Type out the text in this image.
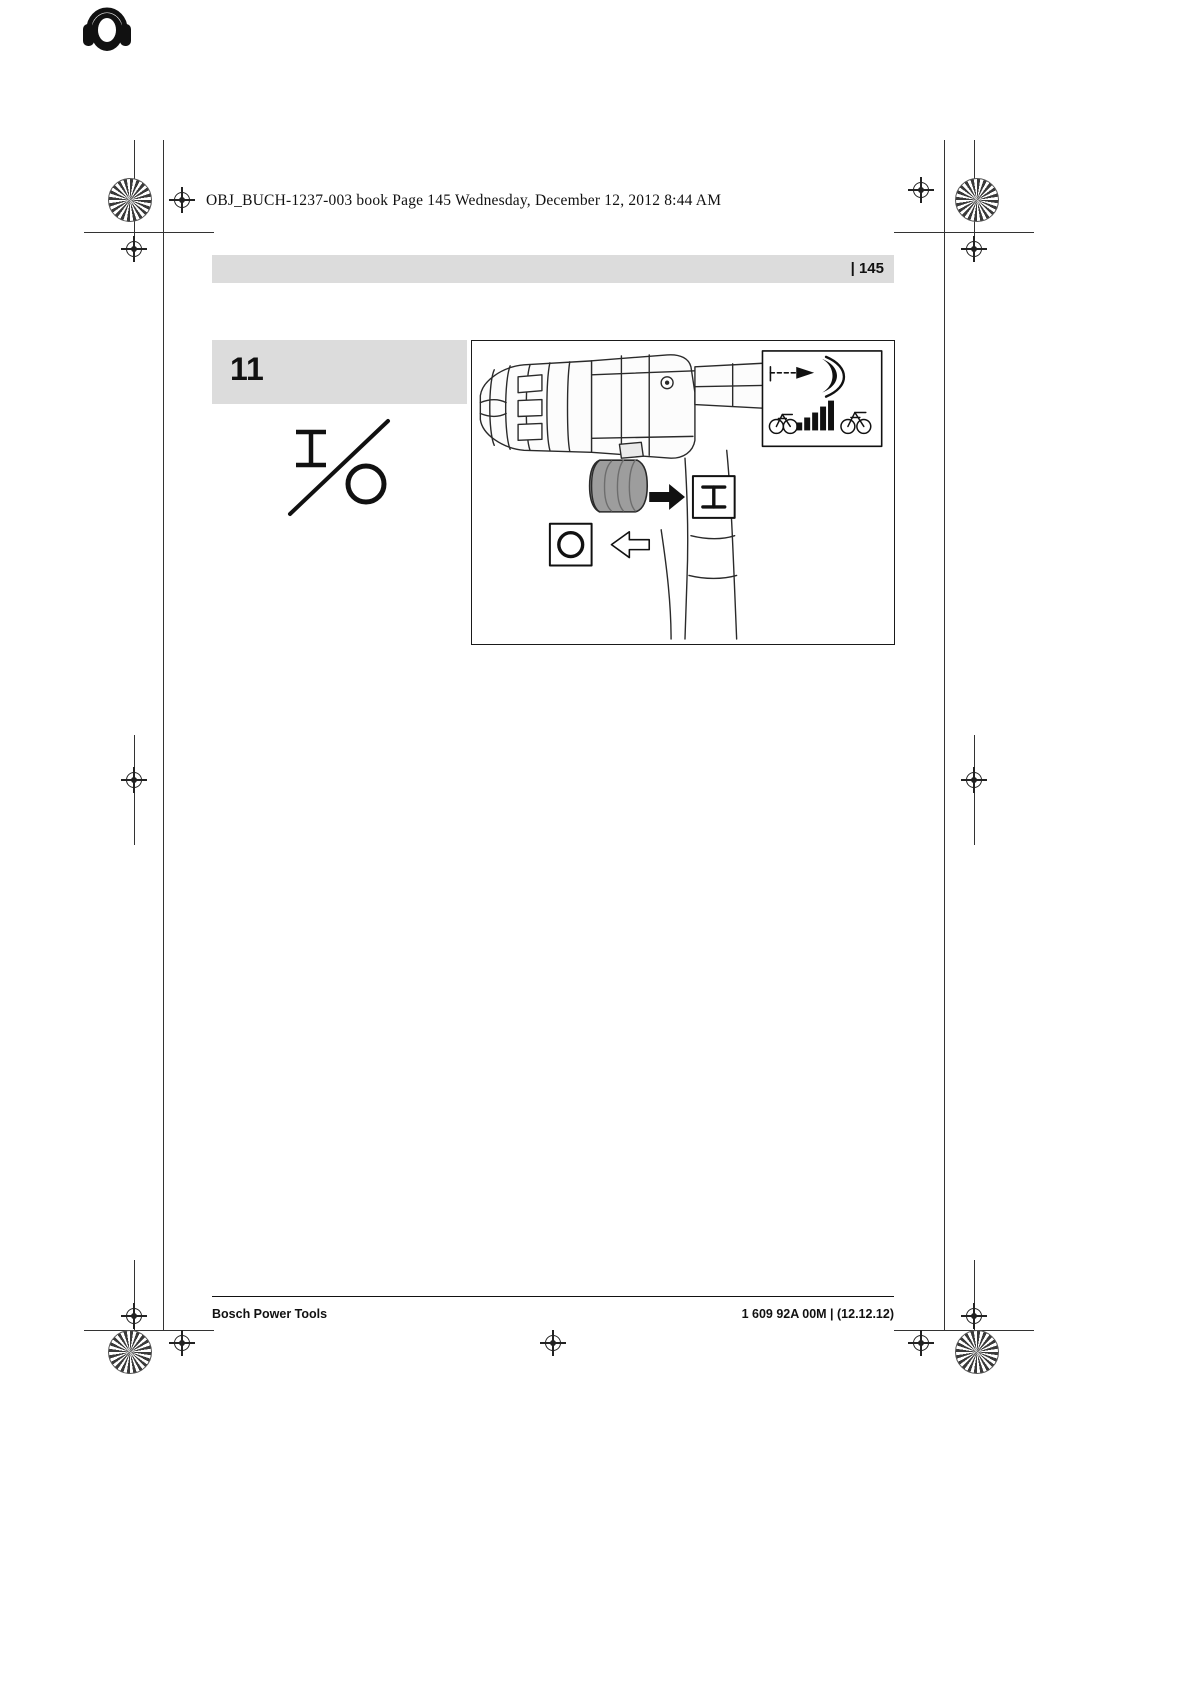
OBJ_BUCH-1237-003 book Page 145 Wednesday, December 12, 2012 8:44 AM
| 145
11
Bosch Power Tools	1 609 92A 00M | (12.12.12)
